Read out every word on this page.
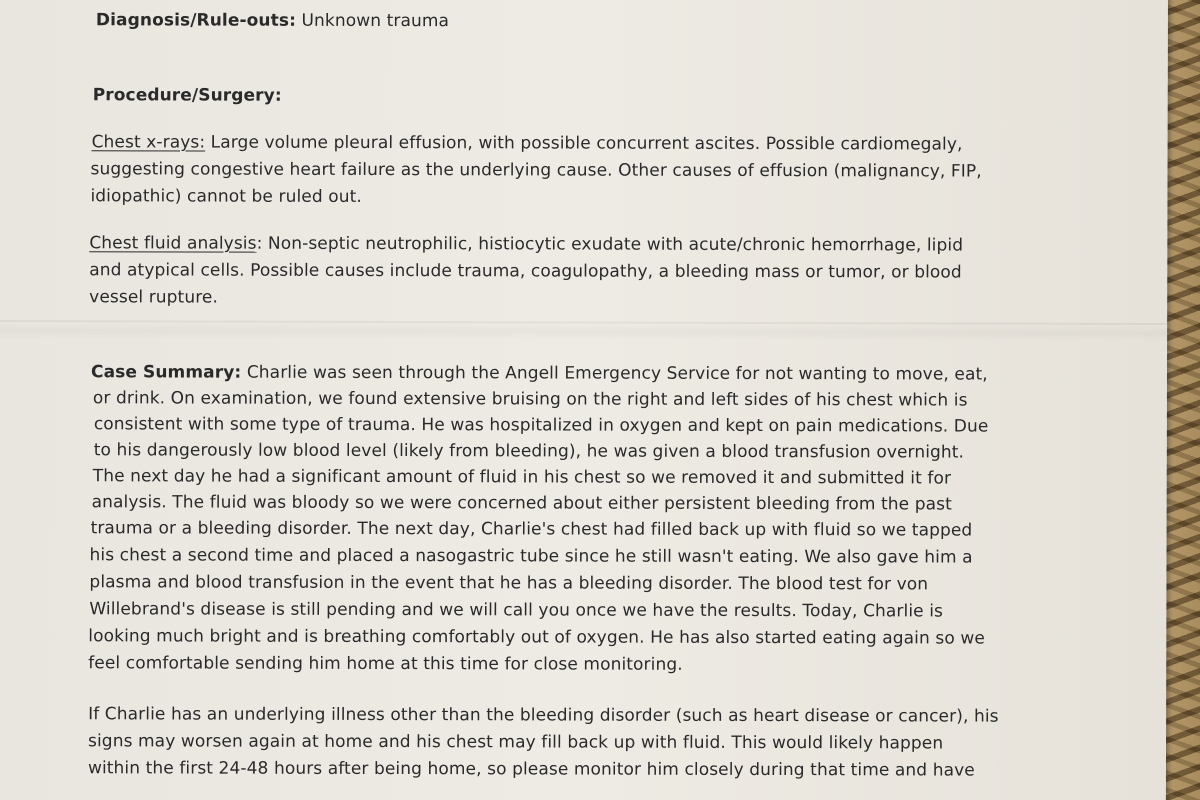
Diagnosis/Rule-outs: Unknown trauma
Procedure/Surgery:
Chest x-rays: Large volume pleural effusion, with possible concurrent ascites. Possible cardiomegaly,
suggesting congestive heart failure as the underlying cause. Other causes of effusion (malignancy, FIP,
idiopathic) cannot be ruled out.
Chest fluid analysis: Non-septic neutrophilic, histiocytic exudate with acute/chronic hemorrhage, lipid
and atypical cells. Possible causes include trauma, coagulopathy, a bleeding mass or tumor, or blood
vessel rupture.
Case Summary: Charlie was seen through the Angell Emergency Service for not wanting to move, eat,
or drink. On examination, we found extensive bruising on the right and left sides of his chest which is
consistent with some type of trauma. He was hospitalized in oxygen and kept on pain medications. Due
to his dangerously low blood level (likely from bleeding), he was given a blood transfusion overnight.
The next day he had a significant amount of fluid in his chest so we removed it and submitted it for
analysis. The fluid was bloody so we were concerned about either persistent bleeding from the past
trauma or a bleeding disorder. The next day, Charlie's chest had filled back up with fluid so we tapped
his chest a second time and placed a nasogastric tube since he still wasn't eating. We also gave him a
plasma and blood transfusion in the event that he has a bleeding disorder. The blood test for von
Willebrand's disease is still pending and we will call you once we have the results. Today, Charlie is
looking much bright and is breathing comfortably out of oxygen. He has also started eating again so we
feel comfortable sending him home at this time for close monitoring.
If Charlie has an underlying illness other than the bleeding disorder (such as heart disease or cancer), his
signs may worsen again at home and his chest may fill back up with fluid. This would likely happen
within the first 24-48 hours after being home, so please monitor him closely during that time and have
